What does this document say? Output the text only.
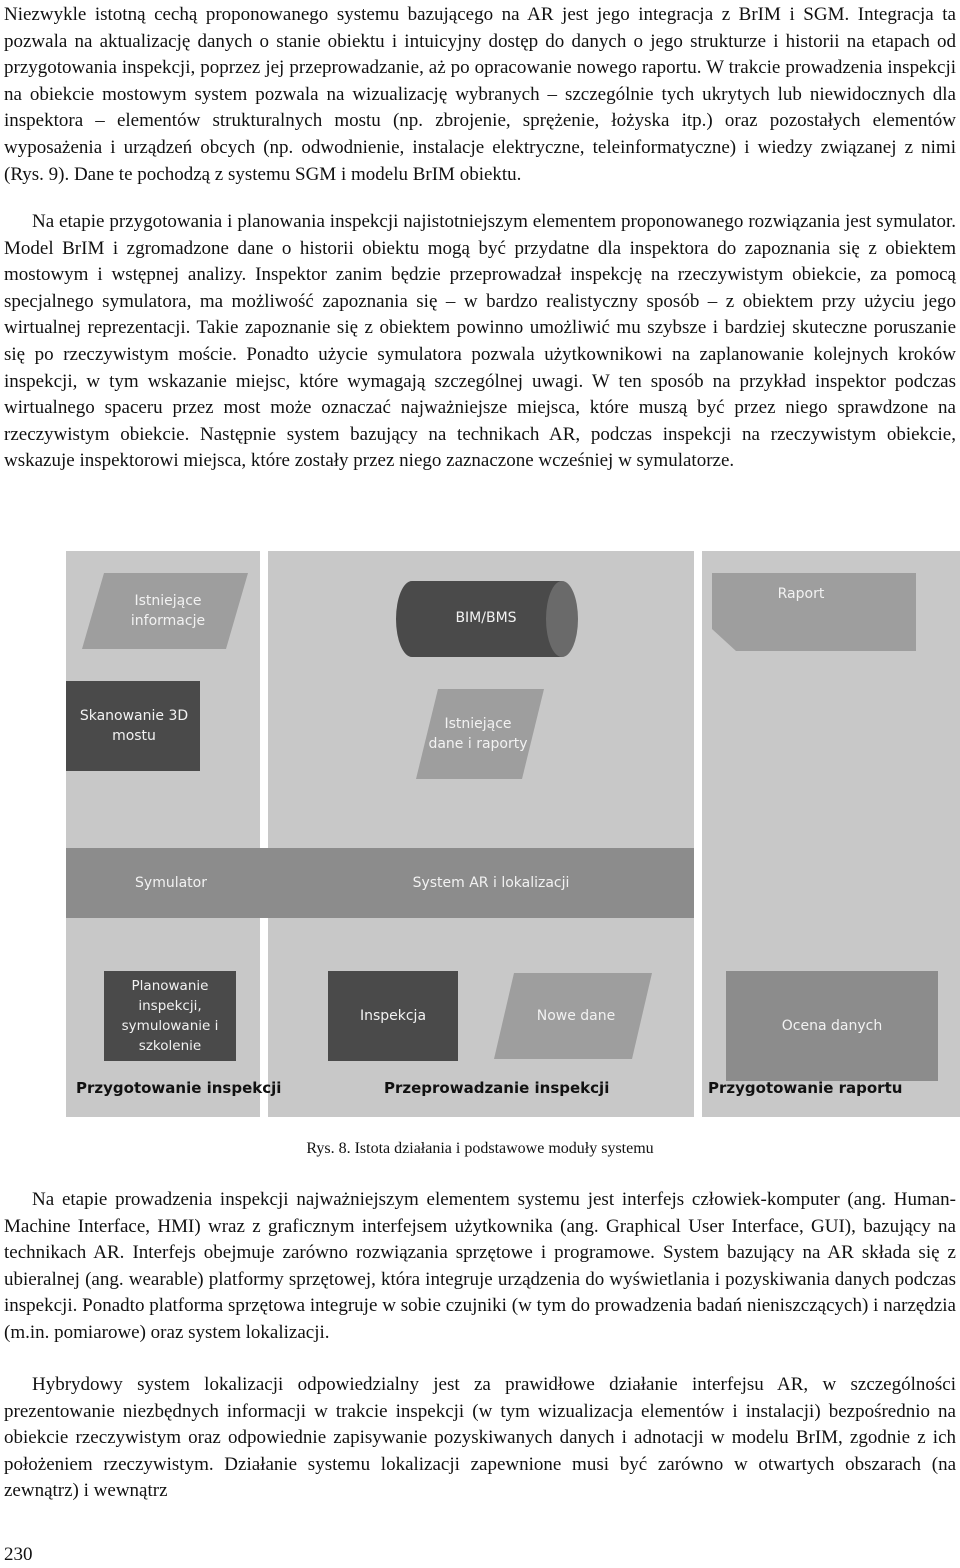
Niezwykle istotną cechą proponowanego systemu bazującego na AR jest jego integracja z BrIM i SGM. Integracja ta pozwala na aktualizację danych o stanie obiektu i intuicyjny dostęp do danych o jego strukturze i historii na etapach od przygotowania inspekcji, poprzez jej przeprowadzanie, aż po opracowanie nowego raportu. W trakcie prowadzenia inspekcji na obiekcie mostowym system pozwala na wizualizację wybranych – szczególnie tych ukrytych lub niewidocznych dla inspektora – elementów strukturalnych mostu (np. zbrojenie, sprężenie, łożyska itp.) oraz pozostałych elementów wyposażenia i urządzeń obcych (np. odwodnienie, instalacje elektryczne, teleinformatyczne) i wiedzy związanej z nimi (Rys. 9). Dane te pochodzą z systemu SGM i modelu BrIM obiektu.

Na etapie przygotowania i planowania inspekcji najistotniejszym elementem proponowanego rozwiązania jest symulator. Model BrIM i zgromadzone dane o historii obiektu mogą być przydatne dla inspektora do zapoznania się z obiektem mostowym i wstępnej analizy. Inspektor zanim będzie przeprowadzał inspekcję na rzeczywistym obiekcie, za pomocą specjalnego symulatora, ma możliwość zapoznania się – w bardzo realistyczny sposób – z obiektem przy użyciu jego wirtualnej reprezentacji. Takie zapoznanie się z obiektem powinno umożliwić mu szybsze i bardziej skuteczne poruszanie się po rzeczywistym moście. Ponadto użycie symulatora pozwala użytkownikowi na zaplanowanie kolejnych kroków inspekcji, w tym wskazanie miejsc, które wymagają szczególnej uwagi. W ten sposób na przykład inspektor podczas wirtualnego spaceru przez most może oznaczać najważniejsze miejsca, które muszą być przez niego sprawdzone na rzeczywistym obiekcie. Następnie system bazujący na technikach AR, podczas inspekcji na rzeczywistym obiekcie, wskazuje inspektorowi miejsca, które zostały przez niego zaznaczone wcześniej w symulatorze.

Istniejące informacje	BIM/BMS
Raport
Skanowanie 3D mostu
Istniejące dane i raporty
Symulator	System AR i lokalizacji
Planowanie inspekcji, symulowanie i szkolenie
Inspekcja	Nowe dane
Ocena danych
Przygotowanie inspekcji	Przeprowadzanie inspekcji	Przygotowanie raportu
Rys. 8. Istota działania i podstawowe moduły systemu

Na etapie prowadzenia inspekcji najważniejszym elementem systemu jest interfejs człowiek-komputer (ang. Human-Machine Interface, HMI) wraz z graficznym interfejsem użytkownika (ang. Graphical User Interface, GUI), bazujący na technikach AR. Interfejs obejmuje zarówno rozwiązania sprzętowe i programowe. System bazujący na AR składa się z ubieralnej (ang. wearable) platformy sprzętowej, która integruje urządzenia do wyświetlania i pozyskiwania danych podczas inspekcji. Ponadto platforma sprzętowa integruje w sobie czujniki (w tym do prowadzenia badań nieniszczących) i narzędzia (m.in. pomiarowe) oraz system lokalizacji.

Hybrydowy system lokalizacji odpowiedzialny jest za prawidłowe działanie interfejsu AR, w szczególności prezentowanie niezbędnych informacji w trakcie inspekcji (w tym wizualizacja elementów i instalacji) bezpośrednio na obiekcie rzeczywistym oraz odpowiednie zapisywanie pozyskiwanych danych i adnotacji w modelu BrIM, zgodnie z ich położeniem rzeczywistym. Działanie systemu lokalizacji zapewnione musi być zarówno w otwartych obszarach (na zewnątrz) i wewnątrz

230
